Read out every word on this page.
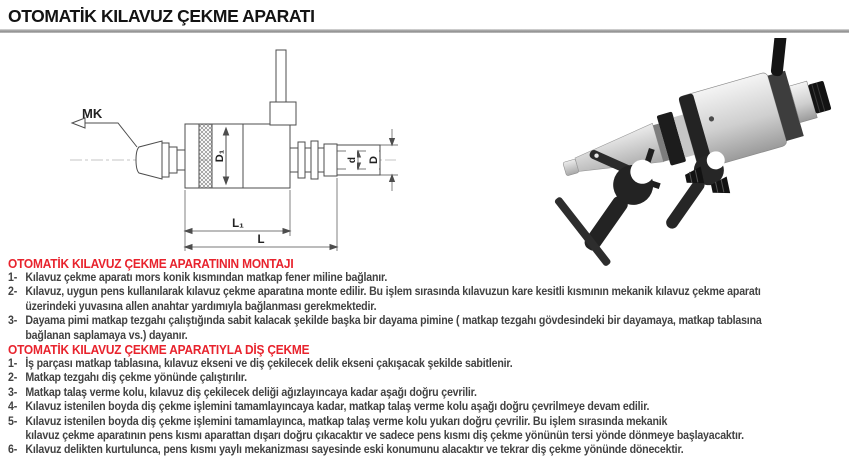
OTOMATİK KILAVUZ ÇEKME APARATI
MK
D₁	d D
L₁
L
OTOMATİK KILAVUZ ÇEKME APARATININ MONTAJI
1- Kılavuz çekme aparatı mors konik kısmından matkap fener miline bağlanır.
2- Kılavuz, uygun pens kullanılarak kılavuz çekme aparatına monte edilir. Bu işlem sırasında kılavuzun kare kesitli kısmının mekanik kılavuz çekme aparatı
üzerindeki yuvasına allen anahtar yardımıyla bağlanması gerekmektedir.
3- Dayama pimi matkap tezgahı çalıştığında sabit kalacak şekilde başka bir dayama pimine ( matkap tezgahı gövdesindeki bir dayamaya, matkap tablasına
bağlanan saplamaya vs.) dayanır.
OTOMATİK KILAVUZ ÇEKME APARATIYLA DİŞ ÇEKME
1- İş parçası matkap tablasına, kılavuz ekseni ve diş çekilecek delik ekseni çakışacak şekilde sabitlenir.
2- Matkap tezgahı diş çekme yönünde çalıştırılır.
3- Matkap talaş verme kolu, kılavuz diş çekilecek deliği ağızlayıncaya kadar aşağı doğru çevrilir.
4- Kılavuz istenilen boyda diş çekme işlemini tamamlayıncaya kadar, matkap talaş verme kolu aşağı doğru çevrilmeye devam edilir.
5- Kılavuz istenilen boyda diş çekme işlemini tamamlayınca, matkap talaş verme kolu yukarı doğru çevrilir. Bu işlem sırasında mekanik
kılavuz çekme aparatının pens kısmı aparattan dışarı doğru çıkacaktır ve sadece pens kısmı diş çekme yönünün tersi yönde dönmeye başlayacaktır.
6- Kılavuz delikten kurtulunca, pens kısmı yaylı mekanizması sayesinde eski konumunu alacaktır ve tekrar diş çekme yönünde dönecektir.
